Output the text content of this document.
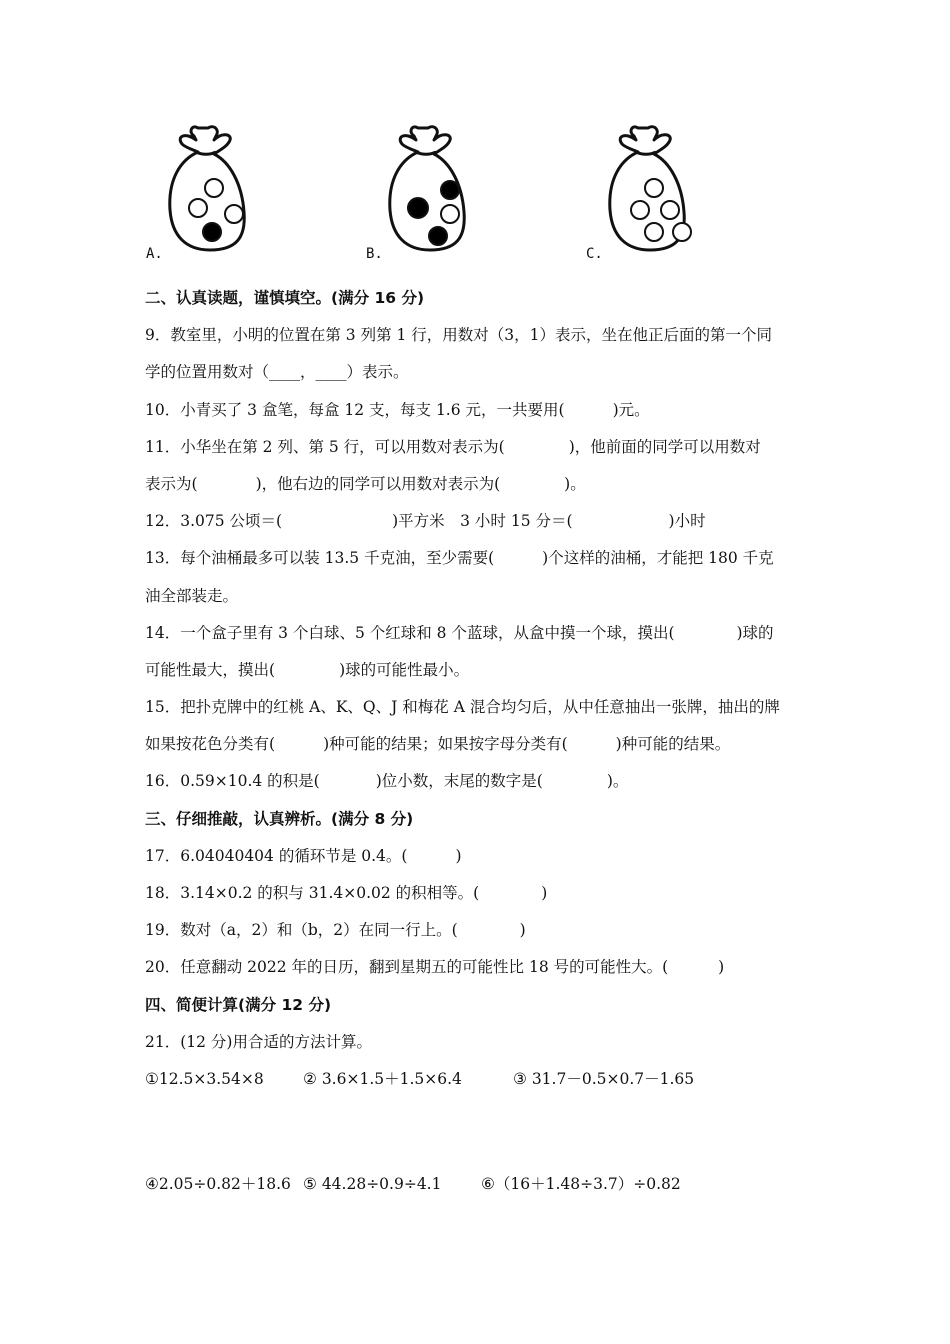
A.	B.	C.
二、认真读题，谨慎填空。(满分 16 分)
9．教室里，小明的位置在第 3 列第 1 行，用数对（3，1）表示，坐在他正后面的第一个同
学的位置用数对（____，____）表示。
10．小青买了 3 盒笔，每盒 12 支，每支 1.6 元，一共要用(	)元。
11．小华坐在第 2 列、第 5 行，可以用数对表示为(	)，他前面的同学可以用数对
表示为(	)，他右边的同学可以用数对表示为(	)。
12．3.075 公顷＝(	)平方米　3 小时 15 分＝(	)小时
13．每个油桶最多可以装 13.5 千克油，至少需要(	)个这样的油桶，才能把 180 千克
油全部装走。
14．一个盒子里有 3 个白球、5 个红球和 8 个蓝球，从盒中摸一个球，摸出(	)球的
可能性最大，摸出(	)球的可能性最小。
15．把扑克牌中的红桃 A、K、Q、J 和梅花 A 混合均匀后，从中任意抽出一张牌，抽出的牌
如果按花色分类有(	)种可能的结果；如果按字母分类有(	)种可能的结果。
16．0.59×10.4 的积是(	)位小数，末尾的数字是(	)。
三、仔细推敲，认真辨析。(满分 8 分)
17．6.04040404 的循环节是 0.4。(	)
18．3.14×0.2 的积与 31.4×0.02 的积相等。(	)
19．数对（a，2）和（b，2）在同一行上。(	)
20．任意翻动 2022 年的日历，翻到星期五的可能性比 18 号的可能性大。(	)
四、简便计算(满分 12 分)
21．(12 分)用合适的方法计算。
①12.5×3.54×8	② 3.6×1.5＋1.5×6.4	③ 31.7－0.5×0.7－1.65
④2.05÷0.82＋18.6 ⑤ 44.28÷0.9÷4.1	⑥（16＋1.48÷3.7）÷0.82
